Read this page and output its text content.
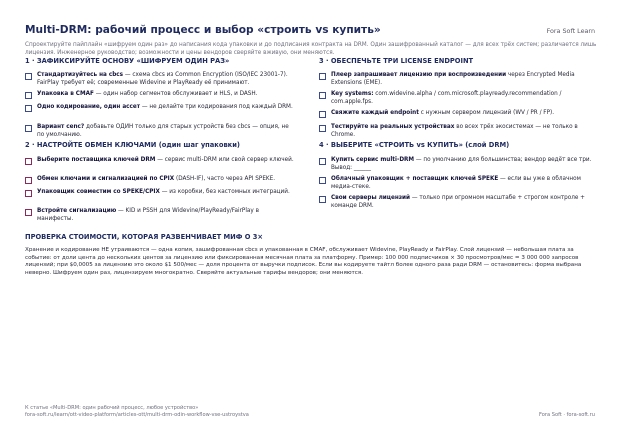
Multi-DRM: рабочий процесс и выбор «строить vs купить»	Fora Soft Learn
Спроектируйте пайплайн «шифруем один раз» до написания кода упаковки и до подписания контракта на DRM. Один зашифрованный каталог — для всех трёх систем; различается лишь лицензия. Инженерное руководство; возможности и цены вендоров сверяйте вживую, они меняются.
1 · ЗАФИКСИРУЙТЕ ОСНОВУ «ШИФРУЕМ ОДИН РАЗ»
Стандартизуйтесь на cbcs — схема cbcs из Common Encryption (ISO/IEC 23001-7). FairPlay требует её; современные Widevine и PlayReady её принимают.
Упаковка в CMAF — один набор сегментов обслуживает и HLS, и DASH.
Одно кодирование, один ассет — не делайте три кодирования под каждый DRM.
Вариант cenc? добавьте ОДИН только для старых устройств без cbcs — опция, не по умолчанию.
2 · НАСТРОЙТЕ ОБМЕН КЛЮЧАМИ (один шаг упаковки)
Выберите поставщика ключей DRM — сервис multi-DRM или свой сервер ключей.
Обмен ключами и сигнализацией по CPIX (DASH-IF), часто через API SPEKE.
Упаковщик совместим со SPEKE/CPIX — из коробки, без кастомных интеграций.
Встройте сигнализацию — KID и PSSH для Widevine/PlayReady/FairPlay в манифесты.
3 · ОБЕСПЕЧЬТЕ ТРИ LICENSE ENDPOINT
Плеер запрашивает лицензию при воспроизведении через Encrypted Media Extensions (EME).
Key systems: com.widevine.alpha / com.microsoft.playready.recommendation / com.apple.fps.
Свяжите каждый endpoint с нужным сервером лицензий (WV / PR / FP).
Тестируйте на реальных устройствах во всех трёх экосистемах — не только в Chrome.
4 · ВЫБЕРИТЕ «СТРОИТЬ vs КУПИТЬ» (слой DRM)
Купить сервис multi-DRM — по умолчанию для большинства; вендор ведёт все три. Вывод: ______
Облачный упаковщик + поставщик ключей SPEKE — если вы уже в облачном медиа-стеке.
Свои серверы лицензий — только при огромном масштабе + строгом контроле + команде DRM.
ПРОВЕРКА СТОИМОСТИ, КОТОРАЯ РАЗВЕНЧИВАЕТ МИФ О 3×
Хранение и кодирование НЕ утраиваются — одна копия, зашифрованная cbcs и упакованная в CMAF, обслуживает Widevine, PlayReady и FairPlay. Слой лицензий — небольшая плата за событие: от доли цента до нескольких центов за лицензию или фиксированная месячная плата за платформу. Пример: 100 000 подписчиков × 30 просмотров/мес = 3 000 000 запросов лицензий; при $0,0005 за лицензию это около $1 500/мес — доля процента от выручки подписок. Если вы кодируете тайтл более одного раза ради DRM — остановитесь: форма выбрана неверно. Шифруем один раз, лицензируем многократно. Сверяйте актуальные тарифы вендоров; они меняются.
К статье «Multi-DRM: один рабочий процесс, любое устройство»
fora-soft.ru/learn/ott-video-platform/articles-ott/multi-drm-odin-workflow-vse-ustroystva	Fora Soft · fora-soft.ru
